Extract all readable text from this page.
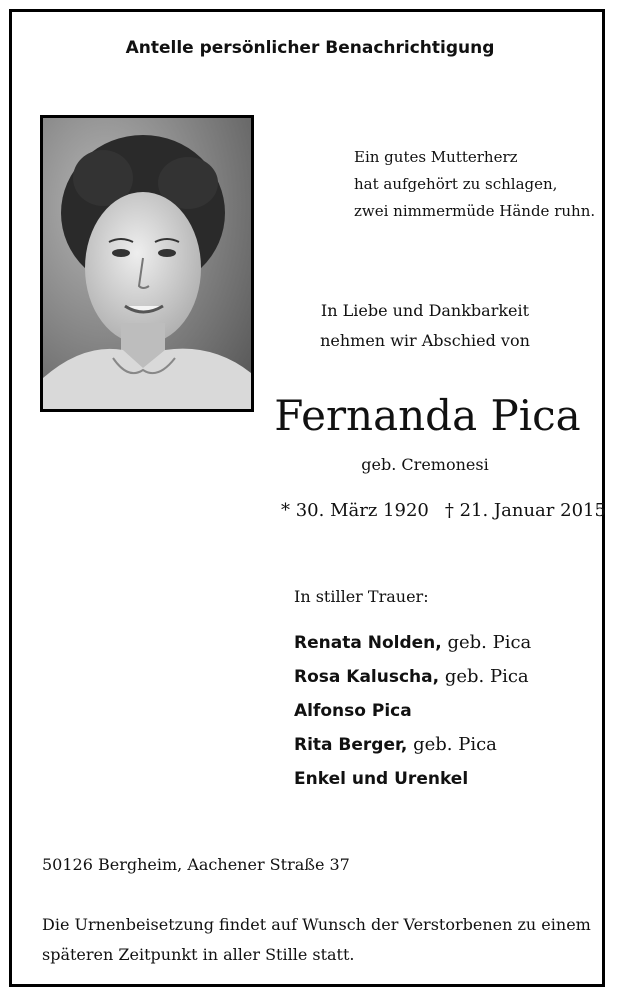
Antelle persönlicher Benachrichtigung
Ein gutes Mutterherz
hat aufgehört zu schlagen,
zwei nimmermüde Hände ruhn.
In Liebe und Dankbarkeit
nehmen wir Abschied von
Fernanda Pica
geb. Cremonesi
* 30. März 1920 † 21. Januar 2015
In stiller Trauer:
Renata Nolden, geb. Pica
Rosa Kaluscha, geb. Pica
Alfonso Pica
Rita Berger, geb. Pica
Enkel und Urenkel
50126 Bergheim, Aachener Straße 37
Die Urnenbeisetzung findet auf Wunsch der Verstorbenen zu einem
späteren Zeitpunkt in aller Stille statt.
